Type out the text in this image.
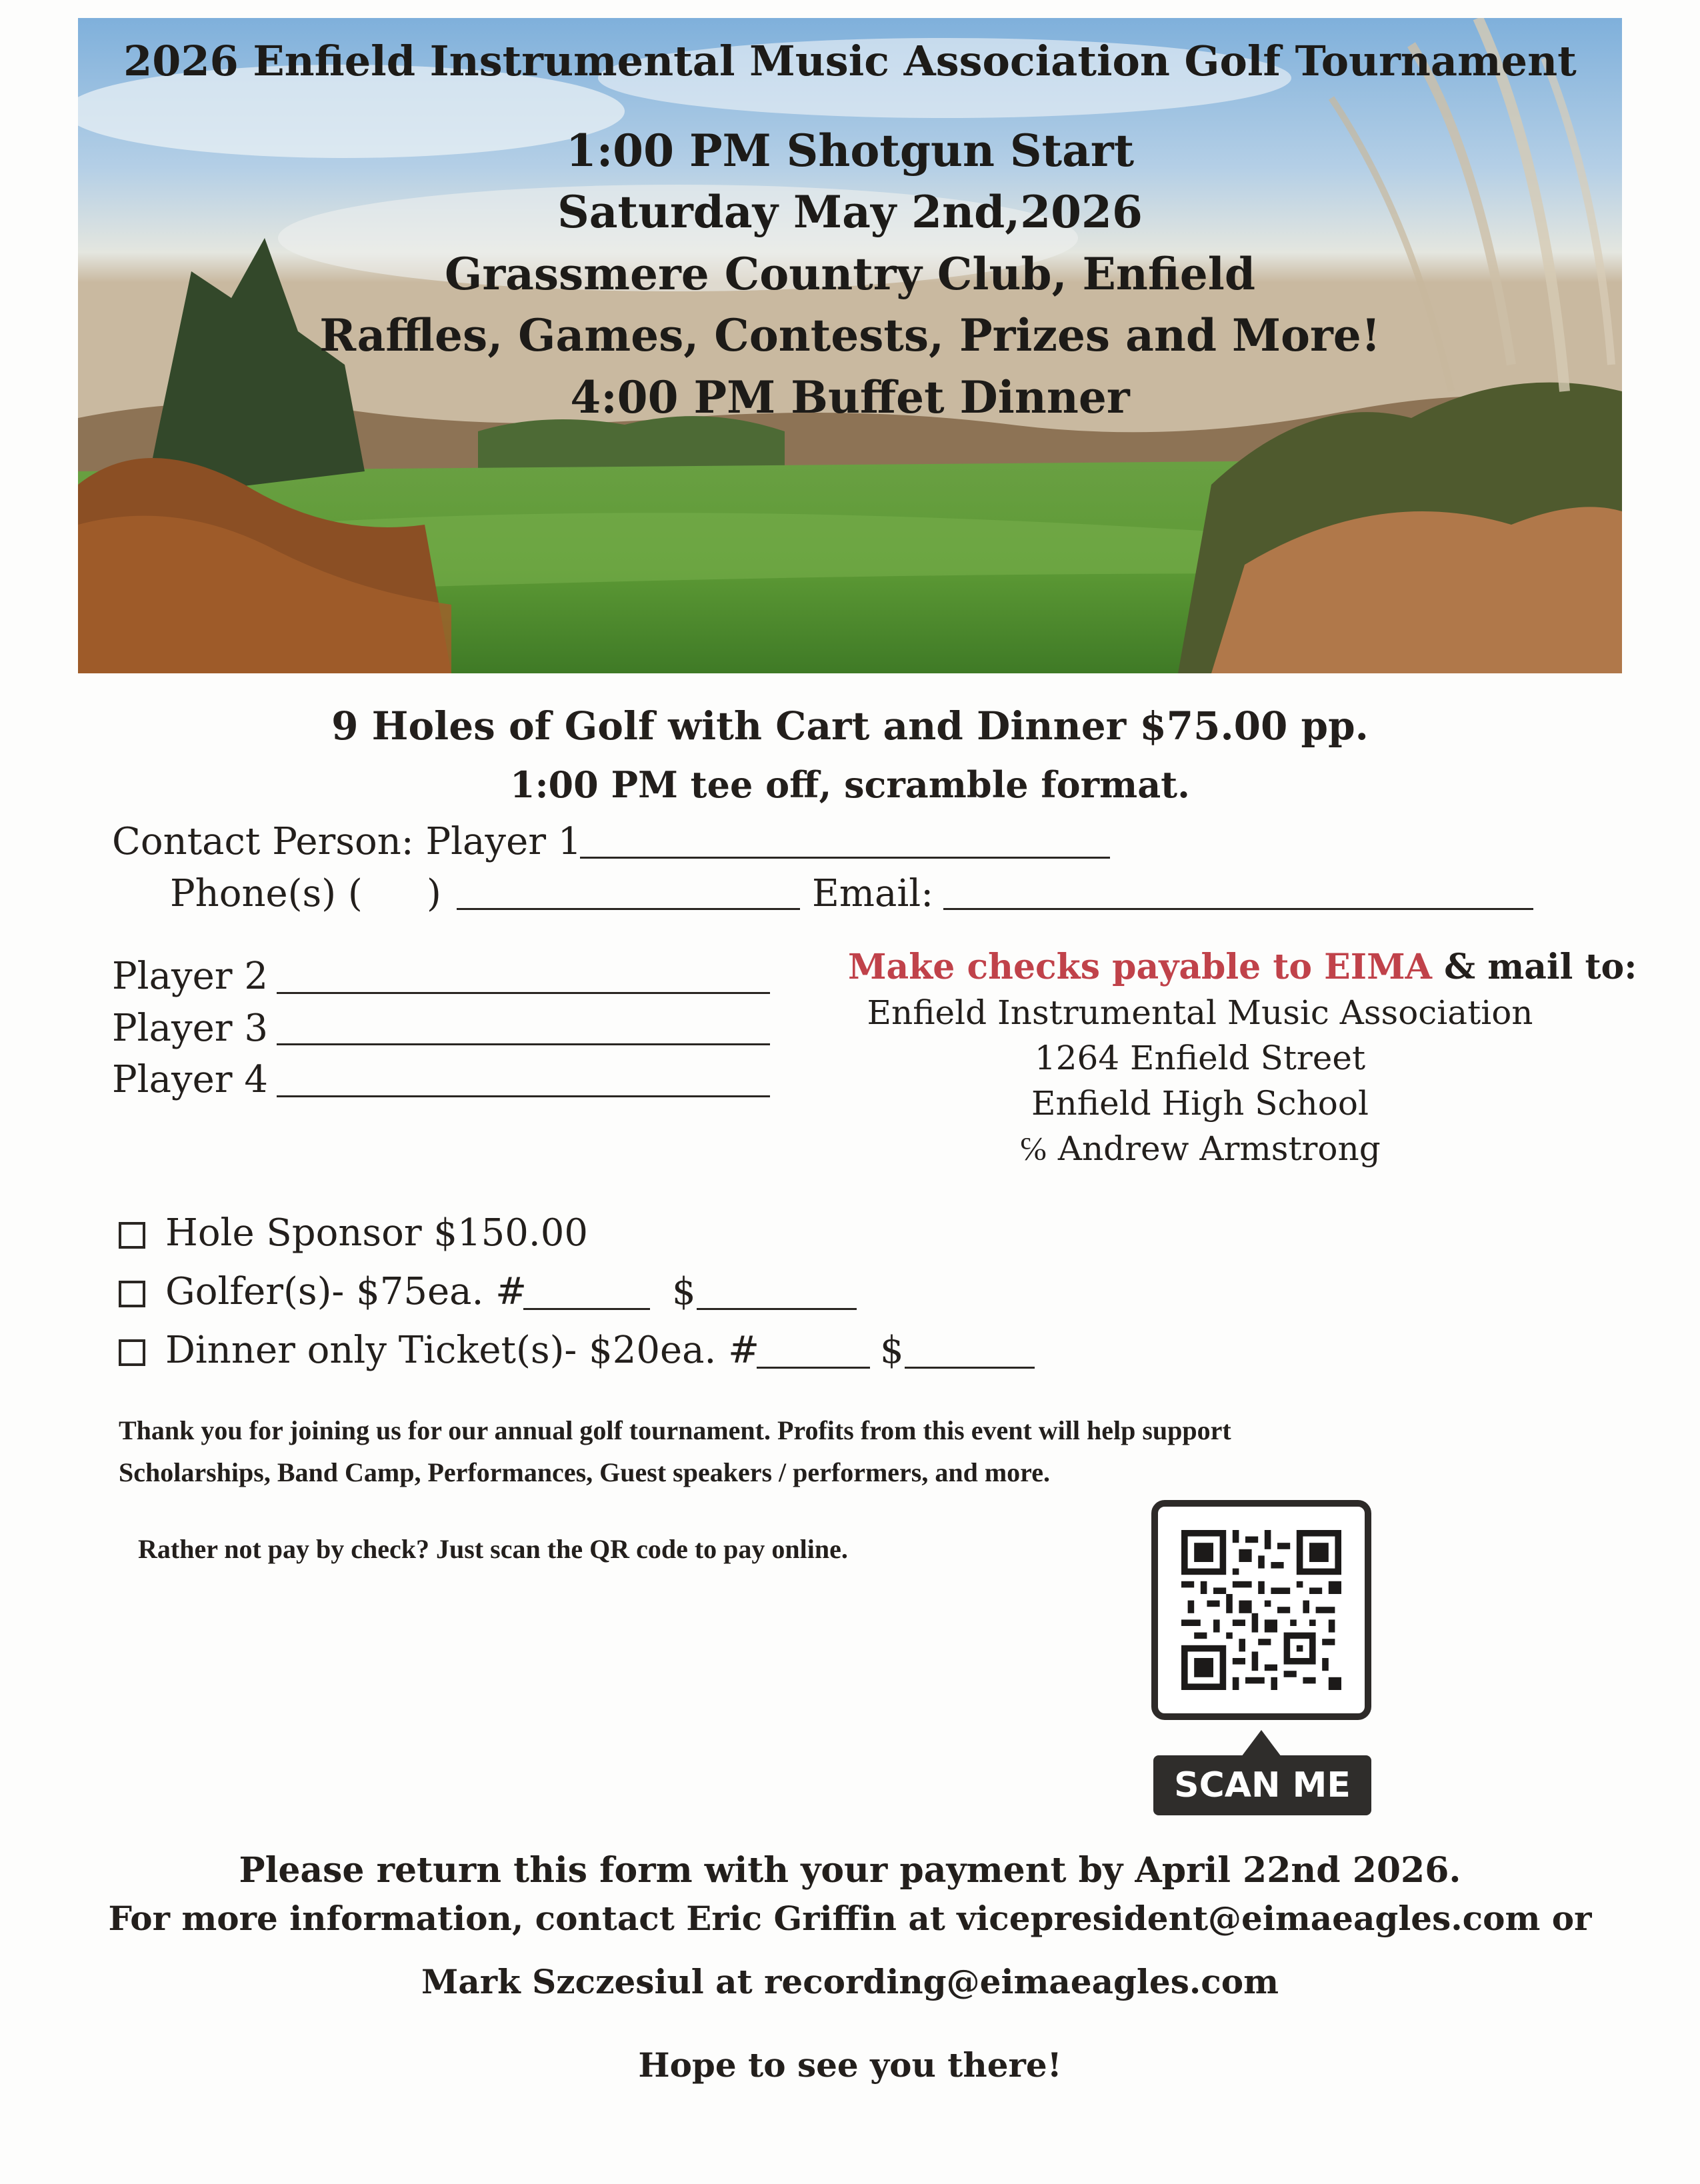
2026 Enfield Instrumental Music Association Golf Tournament
1:00 PM Shotgun Start
Saturday May 2nd,2026
Grassmere Country Club, Enfield
Raffles, Games, Contests, Prizes and More!
4:00 PM Buffet Dinner
9 Holes of Golf with Cart and Dinner $75.00 pp.
1:00 PM tee off, scramble format.
Contact Person: Player 1
Phone(s) ( )	Email:
Player 2
Player 3
Player 4
Make checks payable to EIMA & mail to:
Enfield Instrumental Music Association
1264 Enfield Street
Enfield High School
℅ Andrew Armstrong
Hole Sponsor $150.00
Golfer(s)- $75ea. #	$
Dinner only Ticket(s)- $20ea. #	$
Thank you for joining us for our annual golf tournament. Profits from this event will help support
Scholarships, Band Camp, Performances, Guest speakers / performers, and more.
Rather not pay by check? Just scan the QR code to pay online.
SCAN ME
Please return this form with your payment by April 22nd 2026.
For more information, contact Eric Griffin at vicepresident@eimaeagles.com or
Mark Szczesiul at recording@eimaeagles.com
Hope to see you there!
